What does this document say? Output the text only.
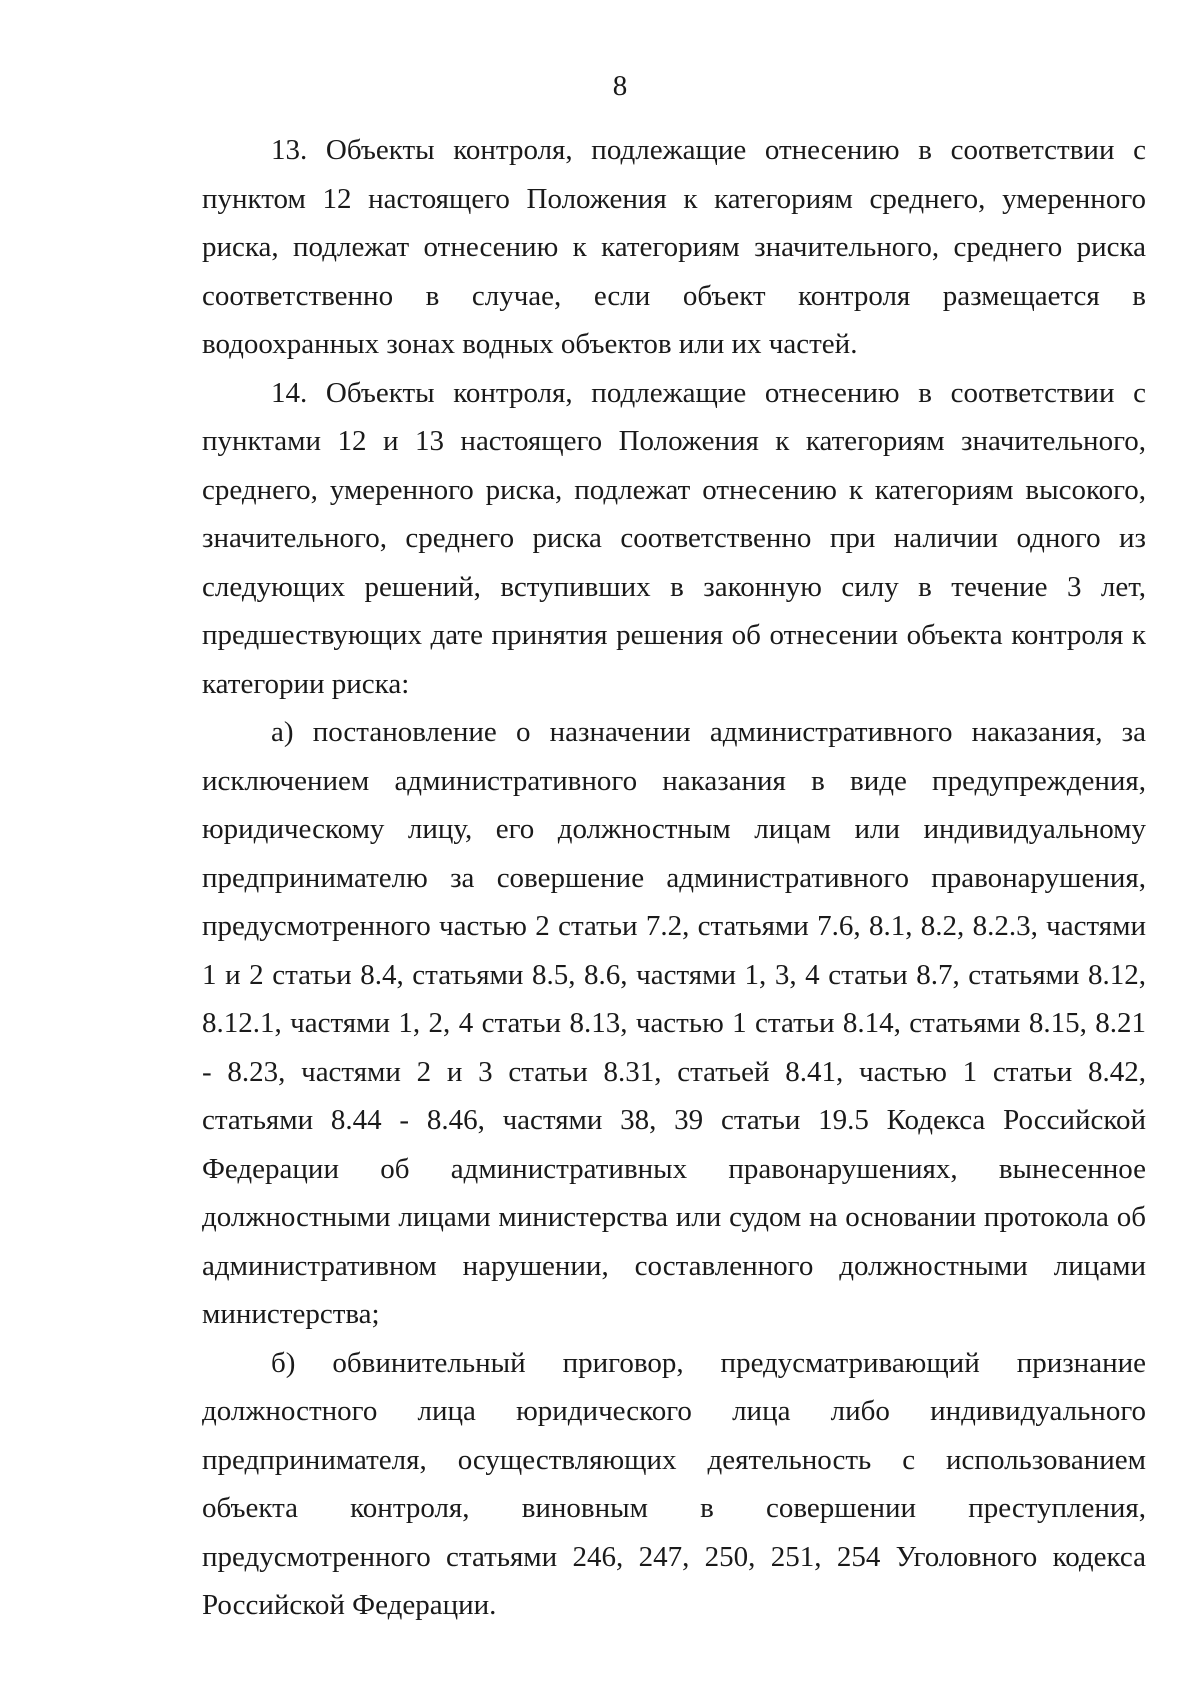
8

13. Объекты контроля, подлежащие отнесению в соответствии с пунктом 12 настоящего Положения к категориям среднего, умеренного риска, подлежат отнесению к категориям значительного, среднего риска соответственно в случае, если объект контроля размещается в водоохранных зонах водных объектов или их частей.

14. Объекты контроля, подлежащие отнесению в соответствии с пунктами 12 и 13 настоящего Положения к категориям значительного, среднего, умеренного риска, подлежат отнесению к категориям высокого, значительного, среднего риска соответственно при наличии одного из следующих решений, вступивших в законную силу в течение 3 лет, предшествующих дате принятия решения об отнесении объекта контроля к категории риска:

а) постановление о назначении административного наказания, за исключением административного наказания в виде предупреждения, юридическому лицу, его должностным лицам или индивидуальному предпринимателю за совершение административного правонарушения, предусмотренного частью 2 статьи 7.2, статьями 7.6, 8.1, 8.2, 8.2.3, частями 1 и 2 статьи 8.4, статьями 8.5, 8.6, частями 1, 3, 4 статьи 8.7, статьями 8.12, 8.12.1, частями 1, 2, 4 статьи 8.13, частью 1 статьи 8.14, статьями 8.15, 8.21 - 8.23, частями 2 и 3 статьи 8.31, статьей 8.41, частью 1 статьи 8.42, статьями 8.44 - 8.46, частями 38, 39 статьи 19.5 Кодекса Российской Федерации об административных правонарушениях, вынесенное должностными лицами министерства или судом на основании протокола об административном нарушении, составленного должностными лицами министерства;

б) обвинительный приговор, предусматривающий признание должностного лица юридического лица либо индивидуального предпринимателя, осуществляющих деятельность с использованием объекта контроля, виновным в совершении преступления, предусмотренного статьями 246, 247, 250, 251, 254 Уголовного кодекса Российской Федерации.
